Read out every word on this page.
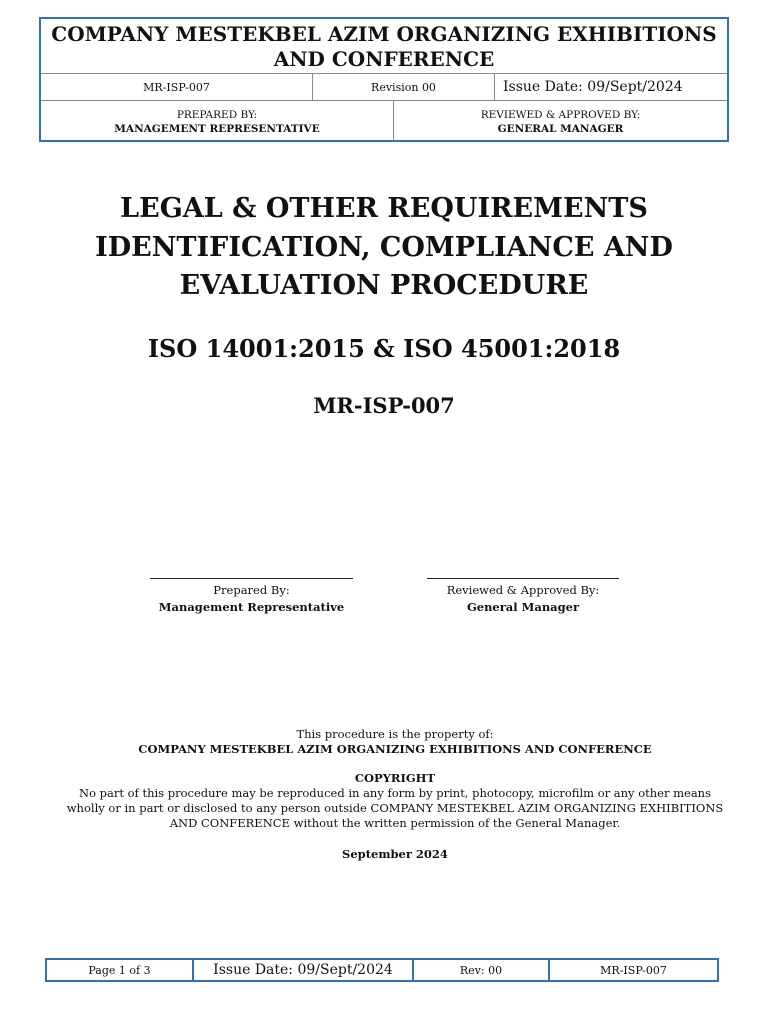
COMPANY MESTEKBEL AZIM ORGANIZING EXHIBITIONS
AND CONFERENCE
MR-ISP-007	Revision 00	Issue Date: 09/Sept/2024
PREPARED BY:
MANAGEMENT REPRESENTATIVE
REVIEWED & APPROVED BY:
GENERAL MANAGER
LEGAL & OTHER REQUIREMENTS
IDENTIFICATION, COMPLIANCE AND
EVALUATION PROCEDURE
ISO 14001:2015 & ISO 45001:2018
MR-ISP-007
Prepared By:
Management Representative
Reviewed & Approved By:
General Manager
This procedure is the property of:
COMPANY MESTEKBEL AZIM ORGANIZING EXHIBITIONS AND CONFERENCE
COPYRIGHT
No part of this procedure may be reproduced in any form by print, photocopy, microfilm or any other means
wholly or in part or disclosed to any person outside COMPANY MESTEKBEL AZIM ORGANIZING EXHIBITIONS
AND CONFERENCE without the written permission of the General Manager.
September 2024
Page 1 of 3	Issue Date: 09/Sept/2024	Rev: 00	MR-ISP-007
